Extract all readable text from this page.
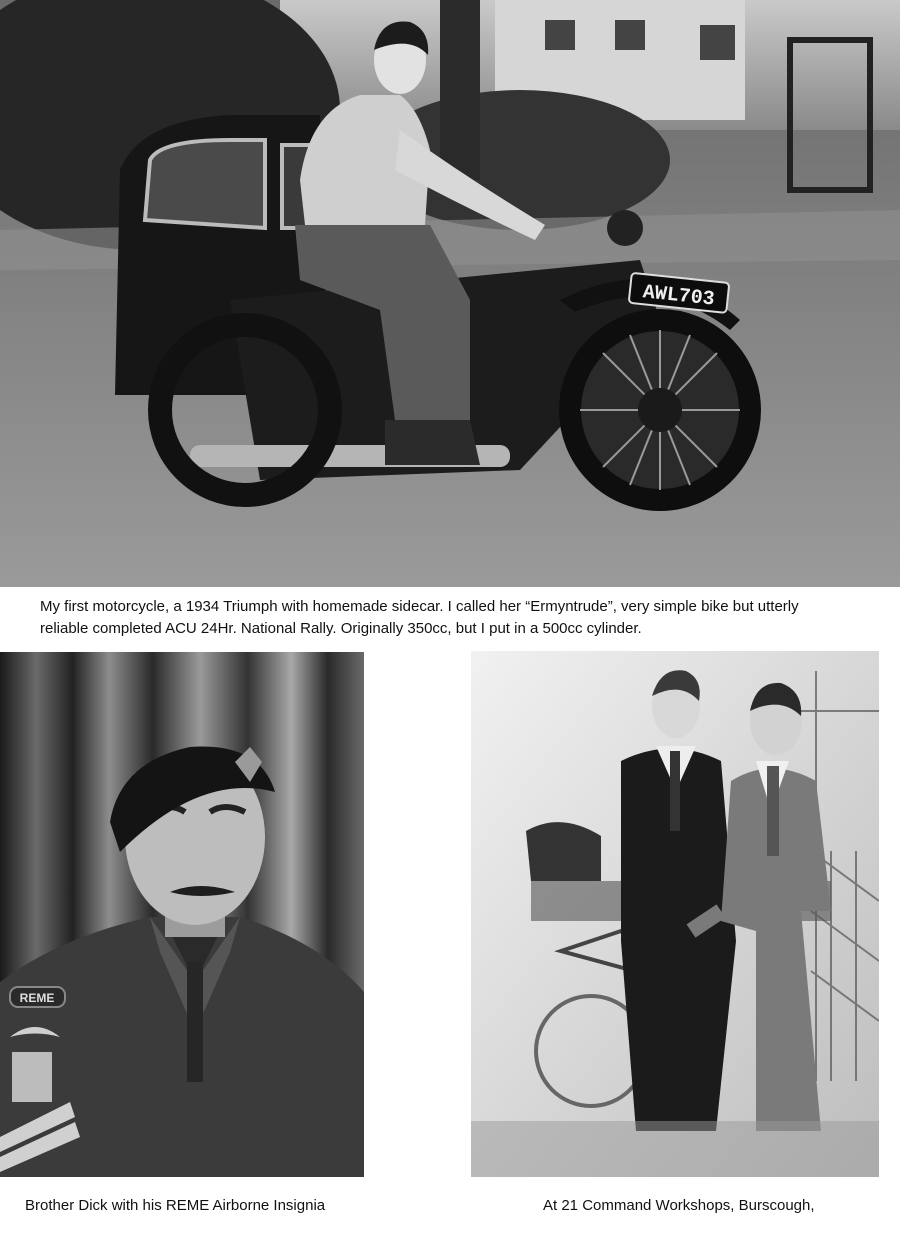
AWL703
My first motorcycle, a 1934 Triumph with homemade sidecar. I called her “Ermyntrude”, very simple bike but utterly
reliable completed ACU 24Hr. National Rally. Originally 350cc, but I put in a 500cc cylinder.
REME
Brother Dick with his REME Airborne Insignia	At 21 Command Workshops, Burscough,
